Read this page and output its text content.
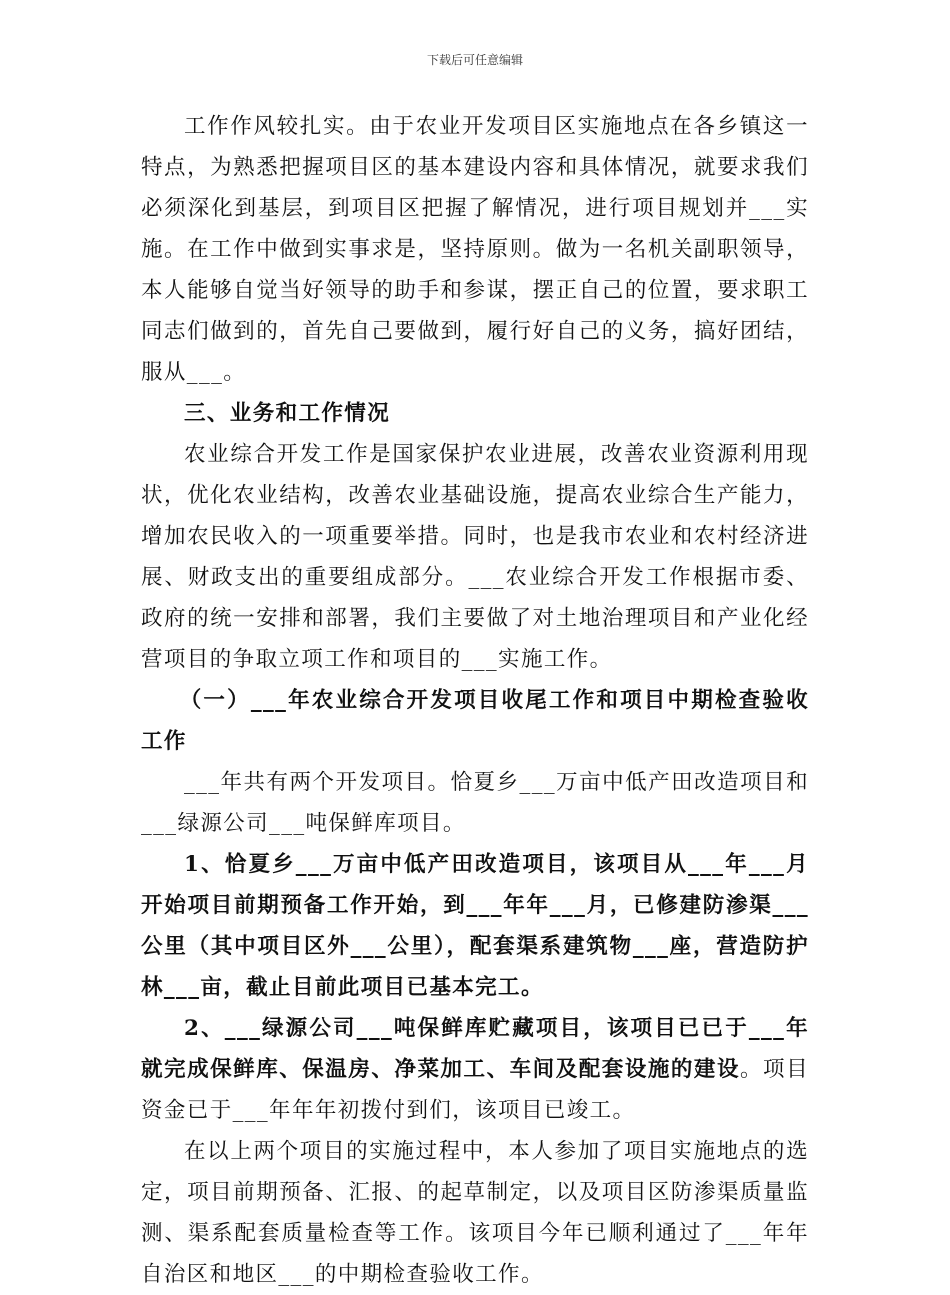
下载后可任意编辑

工作作风较扎实。由于农业开发项目区实施地点在各乡镇这一特点，为熟悉把握项目区的基本建设内容和具体情况，就要求我们必须深化到基层，到项目区把握了解情况，进行项目规划并___实施。在工作中做到实事求是，坚持原则。做为一名机关副职领导，本人能够自觉当好领导的助手和参谋，摆正自己的位置，要求职工同志们做到的，首先自己要做到，履行好自己的义务，搞好团结，服从___。

三、业务和工作情况

农业综合开发工作是国家保护农业进展，改善农业资源利用现状，优化农业结构，改善农业基础设施，提高农业综合生产能力，增加农民收入的一项重要举措。同时，也是我市农业和农村经济进展、财政支出的重要组成部分。___农业综合开发工作根据市委、政府的统一安排和部署，我们主要做了对土地治理项目和产业化经营项目的争取立项工作和项目的___实施工作。

（一）___年农业综合开发项目收尾工作和项目中期检查验收工作

___年共有两个开发项目。恰夏乡___万亩中低产田改造项目和___绿源公司___吨保鲜库项目。

1、恰夏乡___万亩中低产田改造项目，该项目从___年___月开始项目前期预备工作开始，到___年年___月，已修建防渗渠___公里（其中项目区外___公里），配套渠系建筑物___座，营造防护林___亩，截止目前此项目已基本完工。

2、___绿源公司___吨保鲜库贮藏项目，该项目已已于___年就完成保鲜库、保温房、净菜加工、车间及配套设施的建设。项目资金已于___年年年初拨付到们，该项目已竣工。

在以上两个项目的实施过程中，本人参加了项目实施地点的选定，项目前期预备、汇报、的起草制定，以及项目区防渗渠质量监测、渠系配套质量检查等工作。该项目今年已顺利通过了___年年自治区和地区___的中期检查验收工作。
